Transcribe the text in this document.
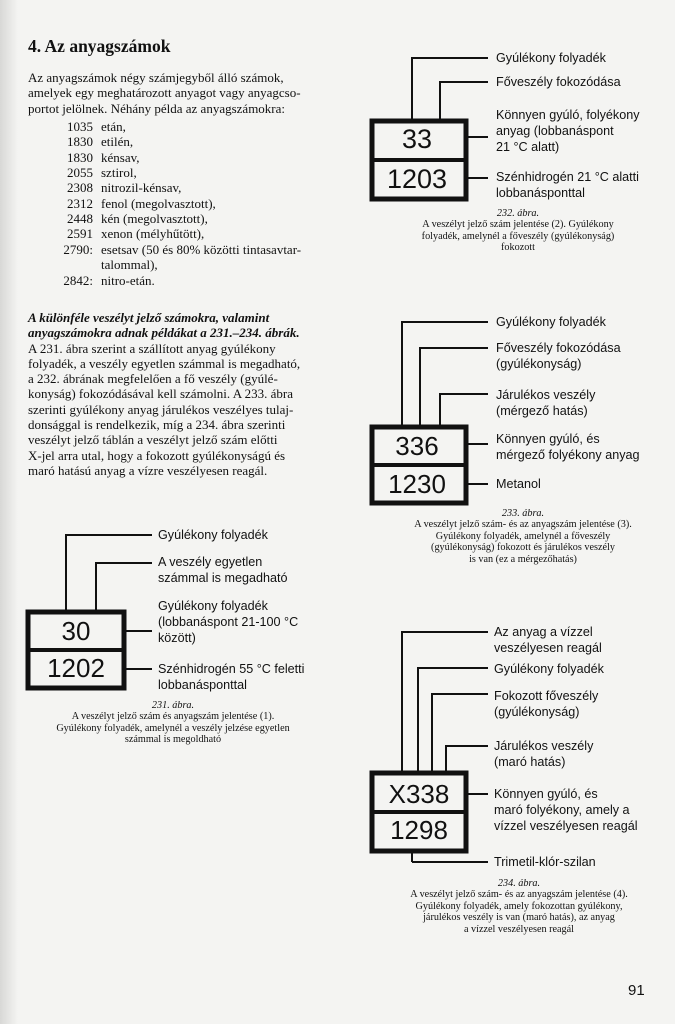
4. Az anyagszámok
Az anyagszámok négy számjegyből álló számok,
amelyek egy meghatározott anyagot vagy anyagcso-
portot jelölnek. Néhány példa az anyagszámokra:
1035 etán,
1830 etilén,
1830 kénsav,
2055 sztirol,
2308 nitrozil-kénsav,
2312 fenol (megolvasztott),
2448 kén (megolvasztott),
2591 xenon (mélyhűtött),
2790: esetsav (50 és 80% közötti tintasavtar-
talommal),
2842: nitro-etán.
A különféle veszélyt jelző számokra, valamint
anyagszámokra adnak példákat a 231.–234. ábrák.
A 231. ábra szerint a szállított anyag gyúlékony
folyadék, a veszély egyetlen számmal is megadható,
a 232. ábrának megfelelően a fő veszély (gyúlé-
konyság) fokozódásával kell számolni. A 233. ábra
szerinti gyúlékony anyag járulékos veszélyes tulaj-
donsággal is rendelkezik, míg a 234. ábra szerinti
veszélyt jelző táblán a veszélyt jelző szám előtti
X-jel arra utal, hogy a fokozott gyúlékonyságú és
maró hatású anyag a vízre veszélyesen reagál.
33
1203
Gyúlékony folyadék
Főveszély fokozódása
Könnyen gyúló, folyékony
anyag (lobbanáspont
21 °C alatt)
Szénhidrogén 21 °C alatti
lobbanásponttal
232. ábra.
A veszélyt jelző szám jelentése (2). Gyúlékony
folyadék, amelynél a főveszély (gyúlékonyság)
fokozott
336
1230
Gyúlékony folyadék
Főveszély fokozódása
(gyúlékonyság)
Járulékos veszély
(mérgező hatás)
Könnyen gyúló, és
mérgező folyékony anyag
Metanol
233. ábra.
A veszélyt jelző szám- és az anyagszám jelentése (3).
Gyúlékony folyadék, amelynél a főveszély
(gyúlékonyság) fokozott és járulékos veszély
is van (ez a mérgezőhatás)
30
1202
Gyúlékony folyadék
A veszély egyetlen
számmal is megadható
Gyúlékony folyadék
(lobbanáspont 21-100 °C
között)
Szénhidrogén 55 °C feletti
lobbanásponttal
231. ábra.
A veszélyt jelző szám és anyagszám jelentése (1).
Gyúlékony folyadék, amelynél a veszély jelzése egyetlen
számmal is megoldható
X338
1298
Az anyag a vízzel
veszélyesen reagál
Gyúlékony folyadék
Fokozott főveszély
(gyúlékonyság)
Járulékos veszély
(maró hatás)
Könnyen gyúló, és
maró folyékony, amely a
vízzel veszélyesen reagál
Trimetil-klór-szilan
234. ábra.
A veszélyt jelző szám- és az anyagszám jelentése (4).
Gyúlékony folyadék, amely fokozottan gyúlékony,
járulékos veszély is van (maró hatás), az anyag
a vízzel veszélyesen reagál
91
